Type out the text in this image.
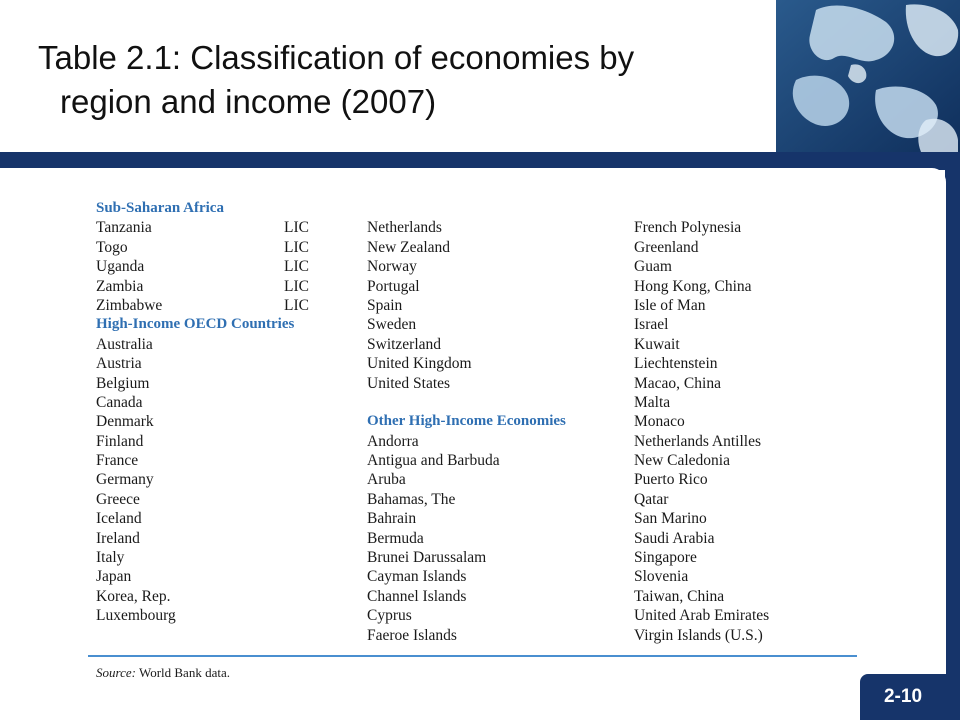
Table 2.1: Classification of economies by
region and income (2007)
Sub-Saharan Africa
Tanzania	LIC
Togo	LIC
Uganda	LIC
Zambia	LIC
Zimbabwe	LIC
High-Income OECD Countries
Australia
Austria
Belgium
Canada
Denmark
Finland
France
Germany
Greece
Iceland
Ireland
Italy
Japan
Korea, Rep.
Luxembourg
Netherlands
New Zealand
Norway
Portugal
Spain
Sweden
Switzerland
United Kingdom
United States
Other High-Income Economies
Andorra
Antigua and Barbuda
Aruba
Bahamas, The
Bahrain
Bermuda
Brunei Darussalam
Cayman Islands
Channel Islands
Cyprus
Faeroe Islands
French Polynesia
Greenland
Guam
Hong Kong, China
Isle of Man
Israel
Kuwait
Liechtenstein
Macao, China
Malta
Monaco
Netherlands Antilles
New Caledonia
Puerto Rico
Qatar
San Marino
Saudi Arabia
Singapore
Slovenia
Taiwan, China
United Arab Emirates
Virgin Islands (U.S.)
Source: World Bank data.
2-10
